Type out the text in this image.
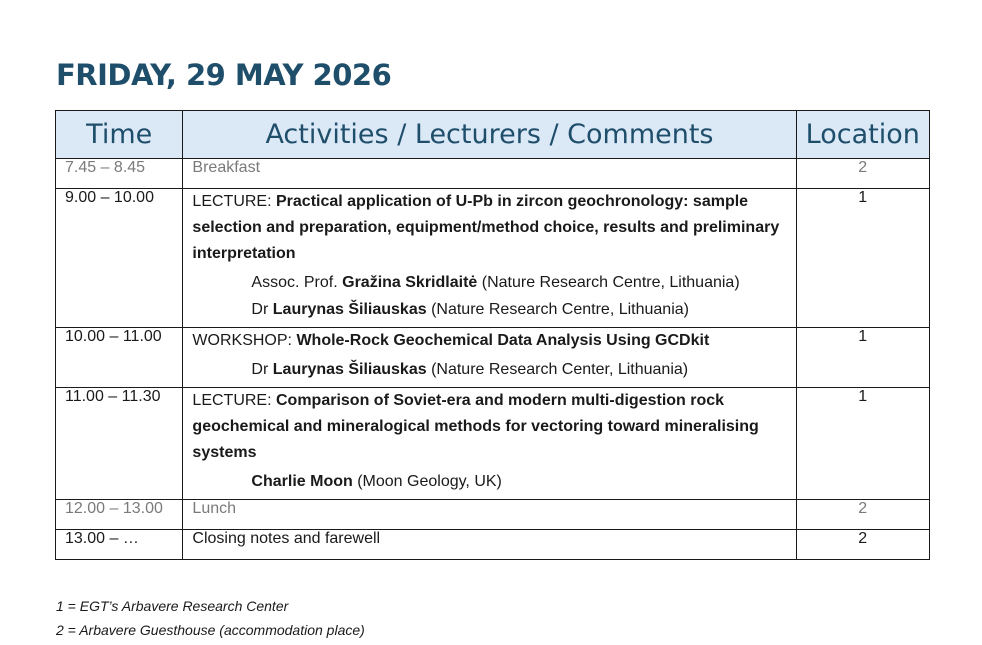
FRIDAY, 29 MAY 2026
Time	Activities / Lecturers / Comments	Location
7.45 – 8.45	Breakfast	2
9.00 – 10.00	LECTURE: Practical application of U-Pb in zircon geochronology: sample selection and preparation, equipment/method choice, results and preliminary interpretation
Assoc. Prof. Gražina Skridlaitė (Nature Research Centre, Lithuania)
Dr Laurynas Šiliauskas (Nature Research Centre, Lithuania)	1
10.00 – 11.00	WORKSHOP: Whole-Rock Geochemical Data Analysis Using GCDkit
Dr Laurynas Šiliauskas (Nature Research Center, Lithuania)	1
11.00 – 11.30	LECTURE: Comparison of Soviet-era and modern multi-digestion rock geochemical and mineralogical methods for vectoring toward mineralising systems
Charlie Moon (Moon Geology, UK)	1
12.00 – 13.00	Lunch	2
13.00 – …	Closing notes and farewell	2
1 = EGT’s Arbavere Research Center
2 = Arbavere Guesthouse (accommodation place)
